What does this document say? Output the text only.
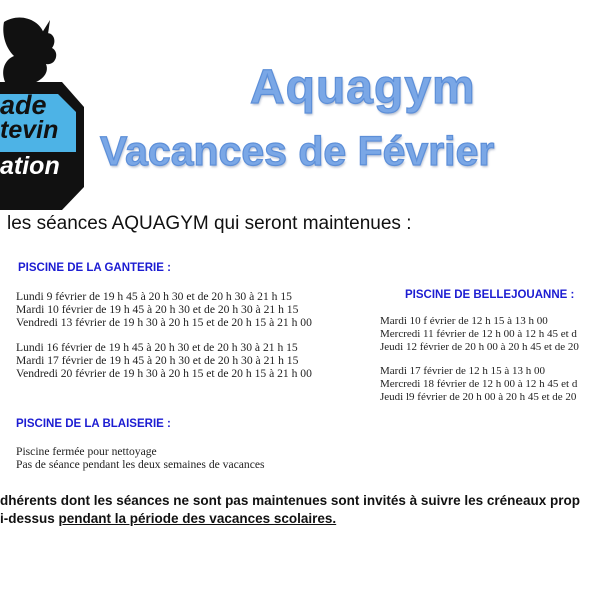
ade
tevin
ation
Aquagym
Vacances de Février
les séances AQUAGYM qui seront maintenues :
PISCINE DE LA GANTERIE :
Lundi 9 février de 19 h 45 à 20 h 30 et de 20 h 30 à 21 h 15
Mardi 10 février de 19 h 45 à 20 h 30 et de 20 h 30 à 21 h 15
Vendredi 13 février de 19 h 30 à 20 h 15 et de 20 h 15 à 21 h 00
Lundi 16 février de 19 h 45 à 20 h 30 et de 20 h 30 à 21 h 15
Mardi 17 février de 19 h 45 à 20 h 30 et de 20 h 30 à 21 h 15
Vendredi 20 février de 19 h 30 à 20 h 15 et de 20 h 15 à 21 h 00
PISCINE DE BELLEJOUANNE :
Mardi 10 f évrier de 12 h 15 à 13 h 00
Mercredi 11 février de 12 h 00 à 12 h 45 et d
Jeudi 12 février de 20 h 00 à 20 h 45 et de 20
Mardi 17 février de 12 h 15 à 13 h 00
Mercredi 18 février de 12 h 00 à 12 h 45 et d
Jeudi l9 février de 20 h 00 à 20 h 45 et de 20
PISCINE DE LA BLAISERIE :
Piscine fermée pour nettoyage
Pas de séance pendant les deux semaines de vacances
dhérents dont les séances ne sont pas maintenues sont invités à suivre les créneaux prop
i-dessus pendant la période des vacances scolaires.
